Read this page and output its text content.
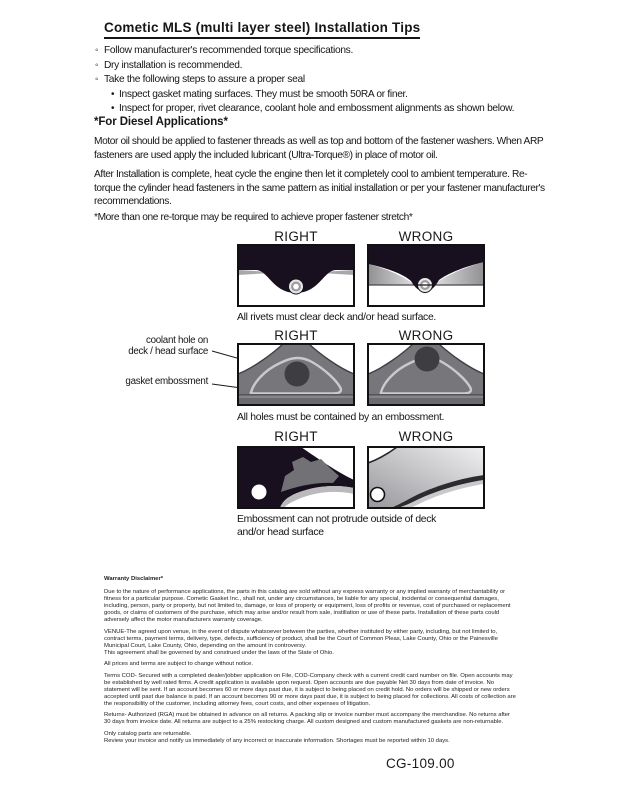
Cometic MLS (multi layer steel) Installation Tips
◦ Follow manufacturer's recommended torque specifications.
◦ Dry installation is recommended.
◦ Take the following steps to assure a proper seal
• Inspect gasket mating surfaces. They must be smooth 50RA or finer.
• Inspect for proper, rivet clearance, coolant hole and embossment alignments as shown below.
*For Diesel Applications*
Motor oil should be applied to fastener threads as well as top and bottom of the fastener washers. When ARP fasteners are used apply the included lubricant (Ultra-Torque®) in place of motor oil.
After Installation is complete, heat cycle the engine then let it completely cool to ambient temperature. Re-torque the cylinder head fasteners in the same pattern as initial installation or per your fastener manufacturer's recommendations.
*More than one re-torque may be required to achieve proper fastener stretch*
RIGHT	WRONG
All rivets must clear deck and/or head surface.
RIGHT	WRONG
coolant hole on
deck / head surface
gasket embossment
All holes must be contained by an embossment.
RIGHT	WRONG
Embossment can not protrude outside of deck
and/or head surface

Warranty Disclaimer*

Due to the nature of performance applications, the parts in this catalog are sold without any express warranty or any implied warranty of merchantability or fitness for a particular purpose. Cometic Gasket Inc., shall not, under any circumstances, be liable for any special, incidental or consequential damages, including, person, party or property, but not limited to, damage, or loss of property or equipment, loss of profits or revenue, cost of purchased or replacement goods, or claims of customers of the purchase, which may arise and/or result from sale, instillation or use of these parts. Installation of these parts could adversely affect the motor manufacturers warranty coverage.

VENUE-The agreed upon venue, in the event of dispute whatsoever between the parties, whether instituted by either party, including, but not limited to, contract terms, payment terms, delivery, type, defects, sufficiency of product, shall be the Court of Common Pleas, Lake County, Ohio or the Painesville Municipal Court, Lake County, Ohio, depending on the amount in controversy.

This agreement shall be governed by and construed under the laws of the State of Ohio.

All prices and terms are subject to change without notice.

Terms COD- Secured with a completed dealer/jobber application on File, COD-Company check with a current credit card number on file. Open accounts may be established by well rated firms. A credit application is available upon request. Open accounts are due payable Net 30 days from date of invoice. No statement will be sent. If an account becomes 60 or more days past due, it is subject to being placed on credit hold. No orders will be shipped or new orders accepted until past due balance is paid. If an account becomes 90 or more days past due, it is subject to being placed for collections. All costs of collection are the responsibility of the customer, including attorney fees, court costs, and other expenses of litigation.

Returns- Authorized (RGA) must be obtained in advance on all returns. A packing slip or invoice number must accompany the merchandise. No returns after 30 days from invoice date. All returns are subject to a 25% restocking charge. All custom designed and custom manufactured gaskets are non-returnable.

Only catalog parts are returnable.

Review your invoice and notify us immediately of any incorrect or inaccurate information. Shortages must be reported within 10 days.

CG-109.00
